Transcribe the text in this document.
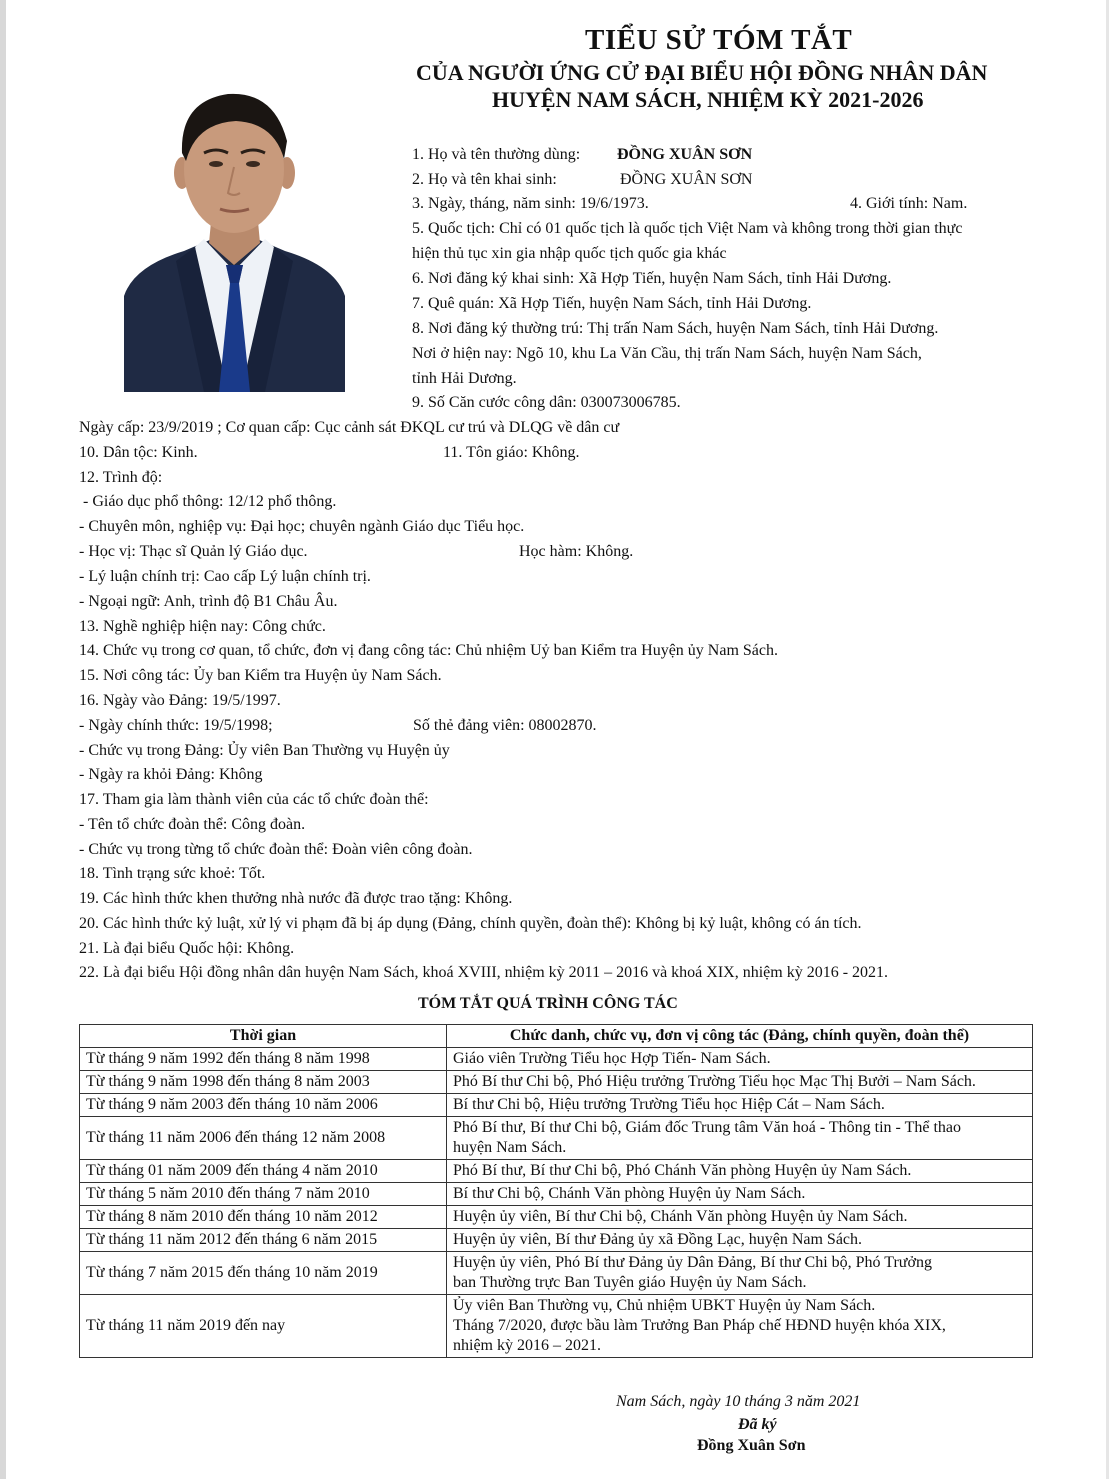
TIỂU SỬ TÓM TẮT
CỦA NGƯỜI ỨNG CỬ ĐẠI BIỂU HỘI ĐỒNG NHÂN DÂN
HUYỆN NAM SÁCH, NHIỆM KỲ 2021-2026
1. Họ và tên thường dùng: ĐỒNG XUÂN SƠN
2. Họ và tên khai sinh:	ĐỒNG XUÂN SƠN
3. Ngày, tháng, năm sinh: 19/6/1973.	4. Giới tính: Nam.
5. Quốc tịch: Chỉ có 01 quốc tịch là quốc tịch Việt Nam và không trong thời gian thực
hiện thủ tục xin gia nhập quốc tịch quốc gia khác
6. Nơi đăng ký khai sinh: Xã Hợp Tiến, huyện Nam Sách, tỉnh Hải Dương.
7. Quê quán: Xã Hợp Tiến, huyện Nam Sách, tỉnh Hải Dương.
8. Nơi đăng ký thường trú: Thị trấn Nam Sách, huyện Nam Sách, tỉnh Hải Dương.
Nơi ở hiện nay: Ngõ 10, khu La Văn Cầu, thị trấn Nam Sách, huyện Nam Sách,
tỉnh Hải Dương.
9. Số Căn cước công dân: 030073006785.
Ngày cấp: 23/9/2019 ; Cơ quan cấp: Cục cảnh sát ĐKQL cư trú và DLQG về dân cư
10. Dân tộc: Kinh.	11. Tôn giáo: Không.
12. Trình độ:
- Giáo dục phổ thông: 12/12 phổ thông.
- Chuyên môn, nghiệp vụ: Đại học; chuyên ngành Giáo dục Tiểu học.
- Học vị: Thạc sĩ Quản lý Giáo dục.	Học hàm: Không.
- Lý luận chính trị: Cao cấp Lý luận chính trị.
- Ngoại ngữ: Anh, trình độ B1 Châu Âu.
13. Nghề nghiệp hiện nay: Công chức.
14. Chức vụ trong cơ quan, tổ chức, đơn vị đang công tác: Chủ nhiệm Uỷ ban Kiểm tra Huyện ủy Nam Sách.
15. Nơi công tác: Ủy ban Kiểm tra Huyện ủy Nam Sách.
16. Ngày vào Đảng: 19/5/1997.
- Ngày chính thức: 19/5/1998;	Số thẻ đảng viên: 08002870.
- Chức vụ trong Đảng: Ủy viên Ban Thường vụ Huyện ủy
- Ngày ra khỏi Đảng: Không
17. Tham gia làm thành viên của các tổ chức đoàn thể:
- Tên tổ chức đoàn thể: Công đoàn.
- Chức vụ trong từng tổ chức đoàn thể: Đoàn viên công đoàn.
18. Tình trạng sức khoẻ: Tốt.
19. Các hình thức khen thưởng nhà nước đã được trao tặng: Không.
20. Các hình thức kỷ luật, xử lý vi phạm đã bị áp dụng (Đảng, chính quyền, đoàn thể): Không bị kỷ luật, không có án tích.
21. Là đại biểu Quốc hội: Không.
22. Là đại biểu Hội đồng nhân dân huyện Nam Sách, khoá XVIII, nhiệm kỳ 2011 – 2016 và khoá XIX, nhiệm kỳ 2016 - 2021.
TÓM TẮT QUÁ TRÌNH CÔNG TÁC
Thời gian	Chức danh, chức vụ, đơn vị công tác (Đảng, chính quyền, đoàn thể)
Từ tháng 9 năm 1992 đến tháng 8 năm 1998	Giáo viên Trường Tiểu học Hợp Tiến- Nam Sách.

Từ tháng 9 năm 1998 đến tháng 8 năm 2003	Phó Bí thư Chi bộ, Phó Hiệu trưởng Trường Tiểu học Mạc Thị Bưởi – Nam Sách.

Từ tháng 9 năm 2003 đến tháng 10 năm 2006	Bí thư Chi bộ, Hiệu trưởng Trường Tiểu học Hiệp Cát – Nam Sách.

Từ tháng 11 năm 2006 đến tháng 12 năm 2008	Phó Bí thư, Bí thư Chi bộ, Giám đốc Trung tâm Văn hoá - Thông tin - Thể thao
huyện Nam Sách.

Từ tháng 01 năm 2009 đến tháng 4 năm 2010	Phó Bí thư, Bí thư Chi bộ, Phó Chánh Văn phòng Huyện ủy Nam Sách.

Từ tháng 5 năm 2010 đến tháng 7 năm 2010	Bí thư Chi bộ, Chánh Văn phòng Huyện ủy Nam Sách.

Từ tháng 8 năm 2010 đến tháng 10 năm 2012	Huyện ủy viên, Bí thư Chi bộ, Chánh Văn phòng Huyện ủy Nam Sách.

Từ tháng 11 năm 2012 đến tháng 6 năm 2015	Huyện ủy viên, Bí thư Đảng ủy xã Đồng Lạc, huyện Nam Sách.

Từ tháng 7 năm 2015 đến tháng 10 năm 2019	Huyện ủy viên, Phó Bí thư Đảng ủy Dân Đảng, Bí thư Chi bộ, Phó Trưởng
ban Thường trực Ban Tuyên giáo Huyện ủy Nam Sách.

Từ tháng 11 năm 2019 đến nay	Ủy viên Ban Thường vụ, Chủ nhiệm UBKT Huyện ủy Nam Sách.
Tháng 7/2020, được bầu làm Trưởng Ban Pháp chế HĐND huyện khóa XIX,
nhiệm kỳ 2016 – 2021.
Nam Sách, ngày 10 tháng 3 năm 2021
Đã ký
Đồng Xuân Sơn
